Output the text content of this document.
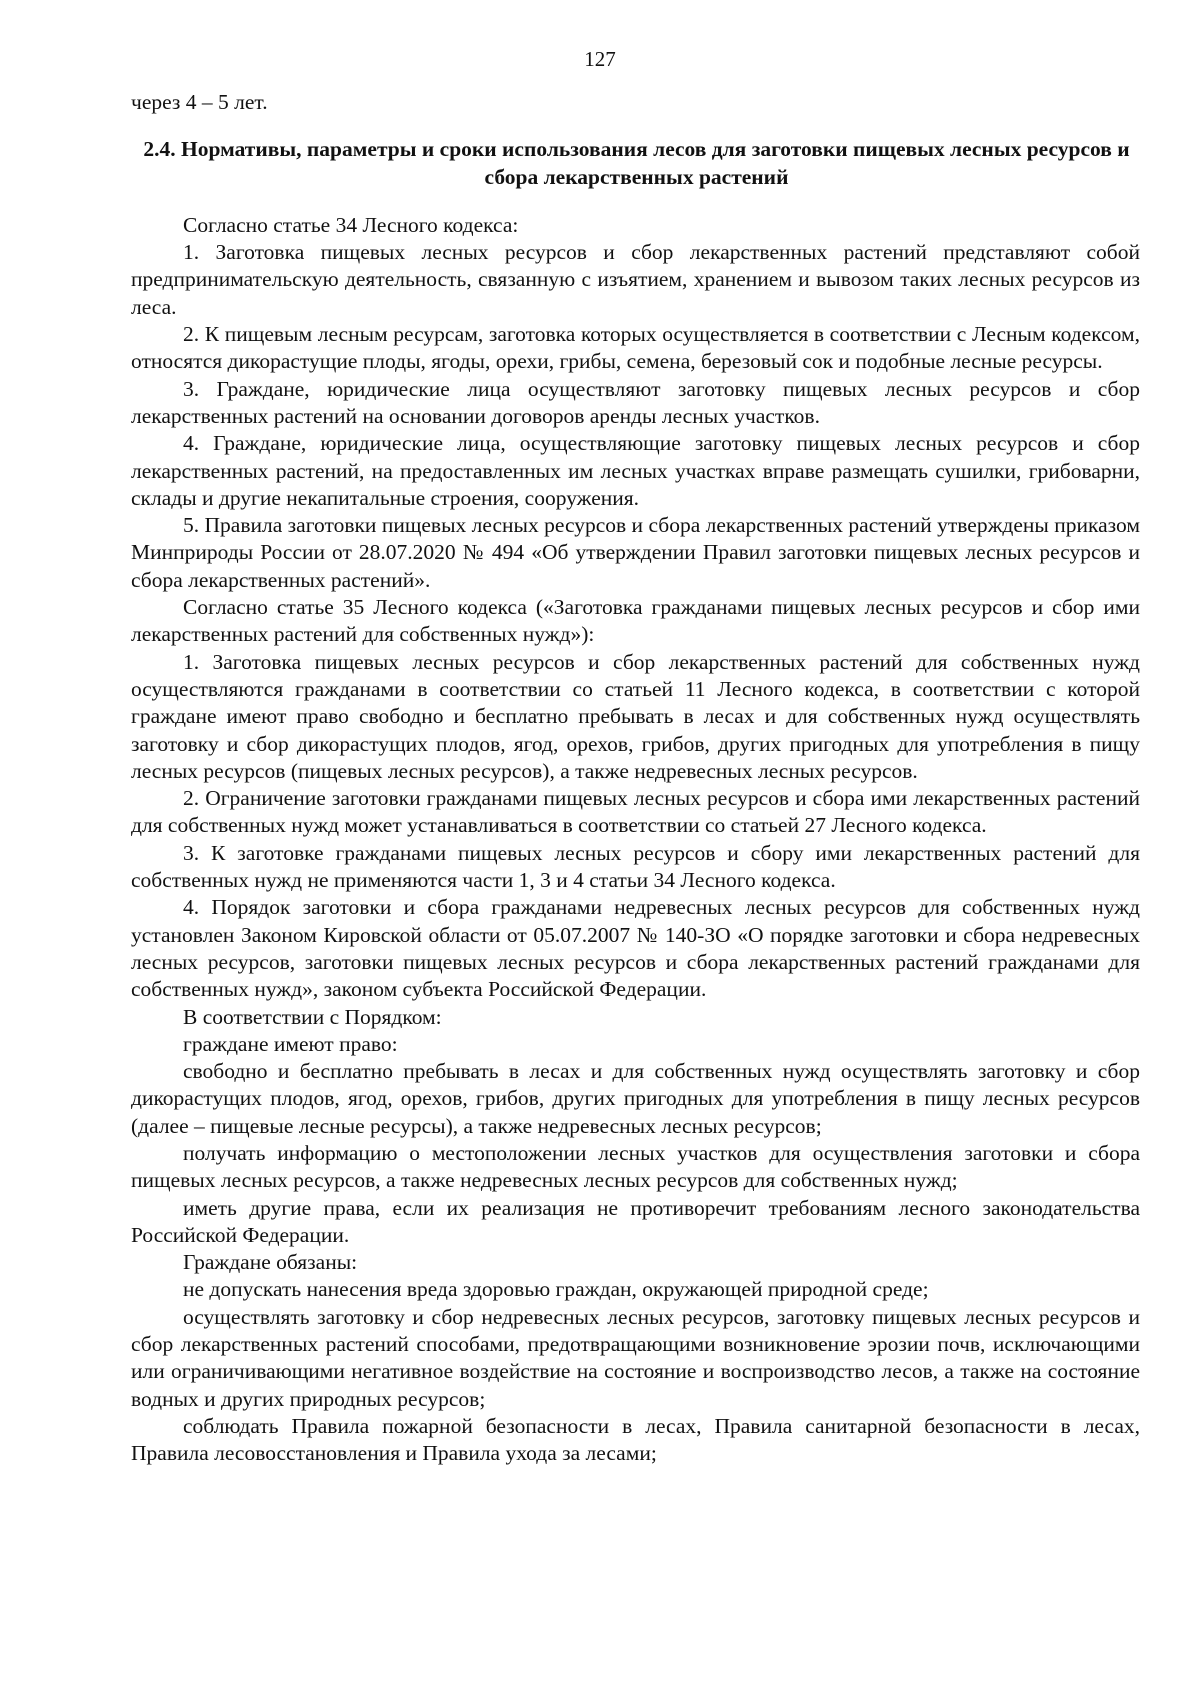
127

через 4 – 5 лет.

2.4. Нормативы, параметры и сроки использования лесов для заготовки пищевых лесных ресурсов и сбора лекарственных растений

Согласно статье 34 Лесного кодекса:

1. Заготовка пищевых лесных ресурсов и сбор лекарственных растений представляют собой предпринимательскую деятельность, связанную с изъятием, хранением и вывозом таких лесных ресурсов из леса.

2. К пищевым лесным ресурсам, заготовка которых осуществляется в соответствии с Лесным кодексом, относятся дикорастущие плоды, ягоды, орехи, грибы, семена, березовый сок и подобные лесные ресурсы.

3. Граждане, юридические лица осуществляют заготовку пищевых лесных ресурсов и сбор лекарственных растений на основании договоров аренды лесных участков.

4. Граждане, юридические лица, осуществляющие заготовку пищевых лесных ресурсов и сбор лекарственных растений, на предоставленных им лесных участках вправе размещать сушилки, грибоварни, склады и другие некапитальные строения, сооружения.

5. Правила заготовки пищевых лесных ресурсов и сбора лекарственных растений утверждены приказом Минприроды России от 28.07.2020 № 494 «Об утверждении Правил заготовки пищевых лесных ресурсов и сбора лекарственных растений».

Согласно статье 35 Лесного кодекса («Заготовка гражданами пищевых лесных ресурсов и сбор ими лекарственных растений для собственных нужд»):

1. Заготовка пищевых лесных ресурсов и сбор лекарственных растений для собственных нужд осуществляются гражданами в соответствии со статьей 11 Лесного кодекса, в соответствии с которой граждане имеют право свободно и бесплатно пребывать в лесах и для собственных нужд осуществлять заготовку и сбор дикорастущих плодов, ягод, орехов, грибов, других пригодных для употребления в пищу лесных ресурсов (пищевых лесных ресурсов), а также недревесных лесных ресурсов.

2. Ограничение заготовки гражданами пищевых лесных ресурсов и сбора ими лекарственных растений для собственных нужд может устанавливаться в соответствии со статьей 27 Лесного кодекса.

3. К заготовке гражданами пищевых лесных ресурсов и сбору ими лекарственных растений для собственных нужд не применяются части 1, 3 и 4 статьи 34 Лесного кодекса.

4. Порядок заготовки и сбора гражданами недревесных лесных ресурсов для собственных нужд установлен Законом Кировской области от 05.07.2007 № 140-ЗО «О порядке заготовки и сбора недревесных лесных ресурсов, заготовки пищевых лесных ресурсов и сбора лекарственных растений гражданами для собственных нужд», законом субъекта Российской Федерации.

В соответствии с Порядком:

граждане имеют право:

свободно и бесплатно пребывать в лесах и для собственных нужд осуществлять заготовку и сбор дикорастущих плодов, ягод, орехов, грибов, других пригодных для употребления в пищу лесных ресурсов (далее – пищевые лесные ресурсы), а также недревесных лесных ресурсов;

получать информацию о местоположении лесных участков для осуществления заготовки и сбора пищевых лесных ресурсов, а также недревесных лесных ресурсов для собственных нужд;

иметь другие права, если их реализация не противоречит требованиям лесного законодательства Российской Федерации.

Граждане обязаны:

не допускать нанесения вреда здоровью граждан, окружающей природной среде;

осуществлять заготовку и сбор недревесных лесных ресурсов, заготовку пищевых лесных ресурсов и сбор лекарственных растений способами, предотвращающими возникновение эрозии почв, исключающими или ограничивающими негативное воздействие на состояние и воспроизводство лесов, а также на состояние водных и других природных ресурсов;

соблюдать Правила пожарной безопасности в лесах, Правила санитарной безопасности в лесах, Правила лесовосстановления и Правила ухода за лесами;
